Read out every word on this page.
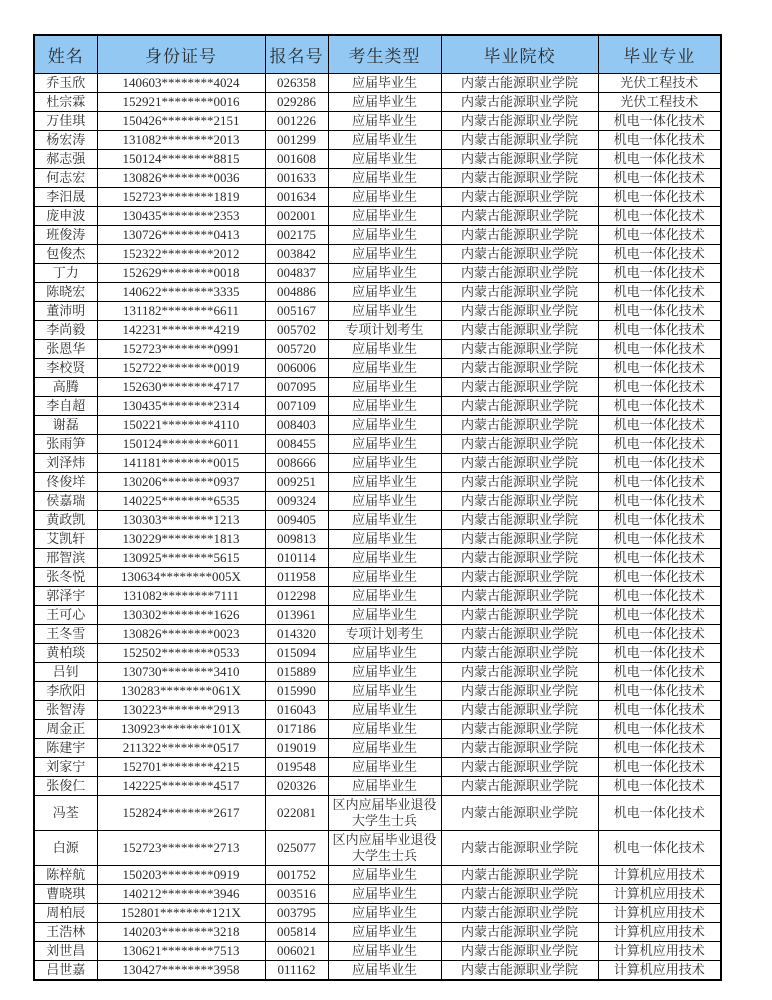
姓名	身份证号	报名号	考生类型	毕业院校	毕业专业
乔玉欣	140603********4024	026358	应届毕业生	内蒙古能源职业学院	光伏工程技术
杜宗霖	152921********0016	029286	应届毕业生	内蒙古能源职业学院	光伏工程技术
万佳琪	150426********2151	001226	应届毕业生	内蒙古能源职业学院	机电一体化技术
杨宏涛	131082********2013	001299	应届毕业生	内蒙古能源职业学院	机电一体化技术
郝志强	150124********8815	001608	应届毕业生	内蒙古能源职业学院	机电一体化技术
何志宏	130826********0036	001633	应届毕业生	内蒙古能源职业学院	机电一体化技术
李汨晟	152723********1819	001634	应届毕业生	内蒙古能源职业学院	机电一体化技术
庞申波	130435********2353	002001	应届毕业生	内蒙古能源职业学院	机电一体化技术
班俊涛	130726********0413	002175	应届毕业生	内蒙古能源职业学院	机电一体化技术
包俊杰	152322********2012	003842	应届毕业生	内蒙古能源职业学院	机电一体化技术
丁力	152629********0018	004837	应届毕业生	内蒙古能源职业学院	机电一体化技术
陈晓宏	140622********3335	004886	应届毕业生	内蒙古能源职业学院	机电一体化技术
董沛明	131182********6611	005167	应届毕业生	内蒙古能源职业学院	机电一体化技术
李尚毅	142231********4219	005702	专项计划考生	内蒙古能源职业学院	机电一体化技术
张恩华	152723********0991	005720	应届毕业生	内蒙古能源职业学院	机电一体化技术
李校贤	152722********0019	006006	应届毕业生	内蒙古能源职业学院	机电一体化技术
高腾	152630********4717	007095	应届毕业生	内蒙古能源职业学院	机电一体化技术
李自超	130435********2314	007109	应届毕业生	内蒙古能源职业学院	机电一体化技术
谢磊	150221********4110	008403	应届毕业生	内蒙古能源职业学院	机电一体化技术
张雨笋	150124********6011	008455	应届毕业生	内蒙古能源职业学院	机电一体化技术
刘泽炜	141181********0015	008666	应届毕业生	内蒙古能源职业学院	机电一体化技术
佟俊垟	130206********0937	009251	应届毕业生	内蒙古能源职业学院	机电一体化技术
侯嘉瑞	140225********6535	009324	应届毕业生	内蒙古能源职业学院	机电一体化技术
黄政凯	130303********1213	009405	应届毕业生	内蒙古能源职业学院	机电一体化技术
艾凯轩	130229********1813	009813	应届毕业生	内蒙古能源职业学院	机电一体化技术
邢智滨	130925********5615	010114	应届毕业生	内蒙古能源职业学院	机电一体化技术
张冬悦	130634********005X	011958	应届毕业生	内蒙古能源职业学院	机电一体化技术
郭泽宇	131082********7111	012298	应届毕业生	内蒙古能源职业学院	机电一体化技术
王可心	130302********1626	013961	应届毕业生	内蒙古能源职业学院	机电一体化技术
王冬雪	130826********0023	014320	专项计划考生	内蒙古能源职业学院	机电一体化技术
黄柏琰	152502********0533	015094	应届毕业生	内蒙古能源职业学院	机电一体化技术
吕钊	130730********3410	015889	应届毕业生	内蒙古能源职业学院	机电一体化技术
李欣阳	130283********061X	015990	应届毕业生	内蒙古能源职业学院	机电一体化技术
张智涛	130223********2913	016043	应届毕业生	内蒙古能源职业学院	机电一体化技术
周金正	130923********101X	017186	应届毕业生	内蒙古能源职业学院	机电一体化技术
陈建宇	211322********0517	019019	应届毕业生	内蒙古能源职业学院	机电一体化技术
刘家宁	152701********4215	019548	应届毕业生	内蒙古能源职业学院	机电一体化技术
张俊仁	142225********4517	020326	应届毕业生	内蒙古能源职业学院	机电一体化技术
冯荃	152824********2617	022081	区内应届毕业退役大学生士兵	内蒙古能源职业学院	机电一体化技术
白源	152723********2713	025077	区内应届毕业退役大学生士兵	内蒙古能源职业学院	机电一体化技术
陈梓航	150203********0919	001752	应届毕业生	内蒙古能源职业学院	计算机应用技术
曹晓琪	140212********3946	003516	应届毕业生	内蒙古能源职业学院	计算机应用技术
周柏辰	152801********121X	003795	应届毕业生	内蒙古能源职业学院	计算机应用技术
王浩林	140203********3218	005814	应届毕业生	内蒙古能源职业学院	计算机应用技术
刘世昌	130621********7513	006021	应届毕业生	内蒙古能源职业学院	计算机应用技术
吕世嘉	130427********3958	011162	应届毕业生	内蒙古能源职业学院	计算机应用技术
